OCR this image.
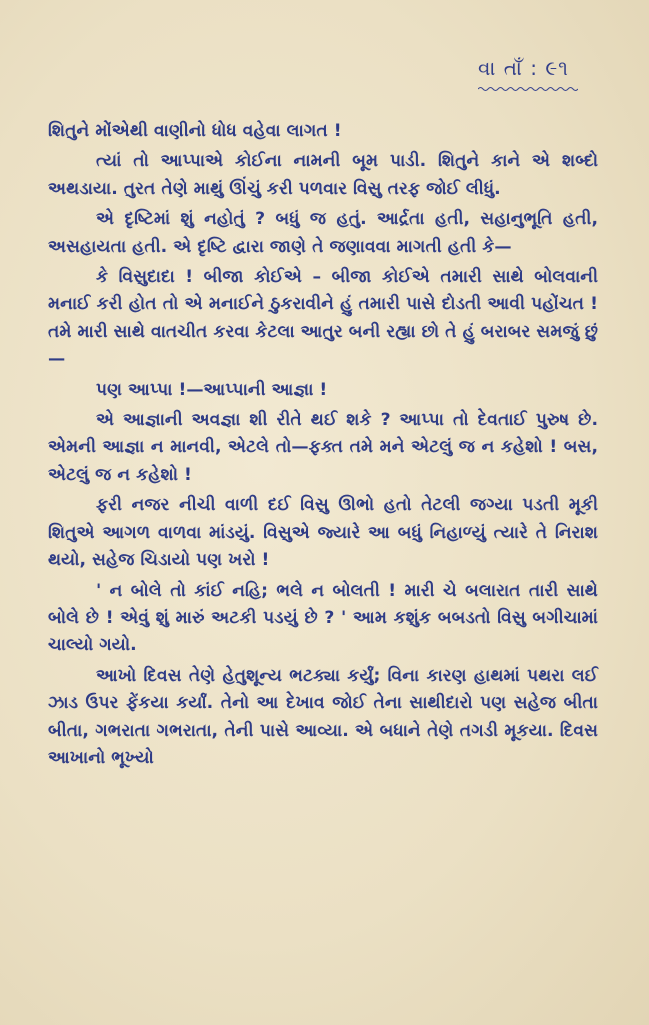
વા તાઁ : ૯૧

શિતુને મોંએથી વાણીનો ધોધ વહેવા લાગત !

ત્યાં તો આપ્પાએ કોઈના નામની બૂમ પાડી. શિતુને કાને એ શબ્દો અથડાયા. તુરત તેણે માથું ઊંચું કરી પળવાર વિસુ તરફ જોઈ લીધું.

એ દૃષ્ટિમાં શું નહોતું ? બધું જ હતું. આર્દ્રતા હતી, સહાનુભૂતિ હતી, અસહાયતા હતી. એ દૃષ્ટિ દ્વારા જાણે તે જણાવવા માગતી હતી કે—

કે વિસુદાદા ! બીજા કોઈએ – બીજા કોઈએ તમારી સાથે બોલવાની મનાઈ કરી હોત તો એ મનાઈને ઠુકરાવીને હું તમારી પાસે દોડતી આવી પહોંચત ! તમે મારી સાથે વાતચીત કરવા કેટલા આતુર બની રહ્યા છો તે હું બરાબર સમજું છું—

પણ આપ્પા !—આપ્પાની આજ્ઞા !

એ આજ્ઞાની અવજ્ઞા શી રીતે થઈ શકે ? આપ્પા તો દેવતાઈ પુરુષ છે. એમની આજ્ઞા ન માનવી, એટલે તો—ફક્ત તમે મને એટલું જ ન કહેશો ! બસ, એટલું જ ન કહેશો !

ફરી નજર નીચી વાળી દઈ વિસુ ઊભો હતો તેટલી જગ્યા પડતી મૂકી શિતુએ આગળ વાળવા માંડયું. વિસુએ જ્યારે આ બધું નિહાળ્યું ત્યારે તે નિરાશ થયો, સહેજ ચિડાયો પણ ખરો !

' ન બોલે તો કાંઈ નહિ; ભલે ન બોલતી ! મારી ચે બલારાત તારી સાથે બોલે છે ! એવું શું મારું અટકી પડયું છે ? ' આમ કશુંક બબડતો વિસુ બગીચામાં ચાલ્યો ગયો.

આખો દિવસ તેણે હેતુશૂન્ય ભટક્યા કર્યું; વિના કારણ હાથમાં પથરા લઈ ઝાડ ઉપર ફેંકયા કર્યાં. તેનો આ દેખાવ જોઈ તેના સાથીદારો પણ સહેજ બીતા બીતા, ગભરાતા ગભરાતા, તેની પાસે આવ્યા. એ બધાને તેણે તગડી મૂકયા. દિવસ આખાનો ભૂખ્યો
